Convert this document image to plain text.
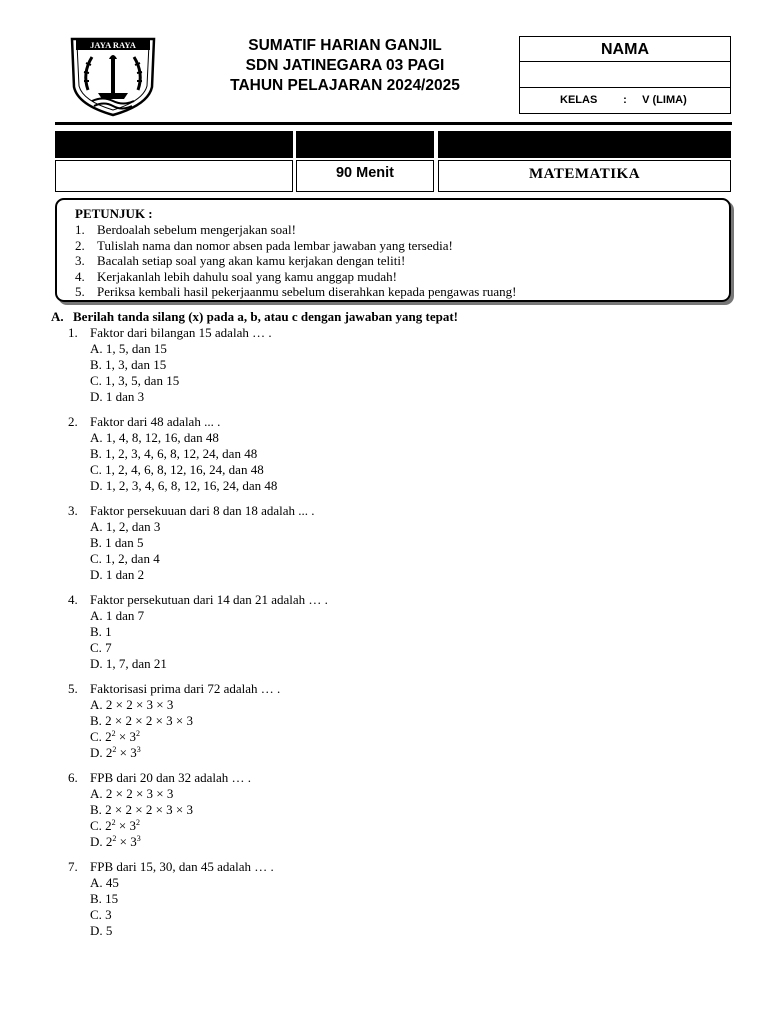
JAYA RAYA	SUMATIF HARIAN GANJIL
SDN JATINEGARA 03 PAGI
TAHUN PELAJARAN 2024/2025
NAMA
KELAS : V (LIMA)
90 Menit	MATEMATIKA
PETUNJUK :
1. Berdoalah sebelum mengerjakan soal!
2. Tulislah nama dan nomor absen pada lembar jawaban yang tersedia!
3. Bacalah setiap soal yang akan kamu kerjakan dengan teliti!
4. Kerjakanlah lebih dahulu soal yang kamu anggap mudah!
5. Periksa kembali hasil pekerjaanmu sebelum diserahkan kepada pengawas ruang!
A. Berilah tanda silang (x) pada a, b, atau c dengan jawaban yang tepat!
1. Faktor dari bilangan 15 adalah … .
A. 1, 5, dan 15
B. 1, 3, dan 15
C. 1, 3, 5, dan 15
D. 1 dan 3
2. Faktor dari 48 adalah ... .
A. 1, 4, 8, 12, 16, dan 48
B. 1, 2, 3, 4, 6, 8, 12, 24, dan 48
C. 1, 2, 4, 6, 8, 12, 16, 24, dan 48
D. 1, 2, 3, 4, 6, 8, 12, 16, 24, dan 48
3. Faktor persekuuan dari 8 dan 18 adalah ... .
A. 1, 2, dan 3
B. 1 dan 5
C. 1, 2, dan 4
D. 1 dan 2
4. Faktor persekutuan dari 14 dan 21 adalah … .
A. 1 dan 7
B. 1
C. 7
D. 1, 7, dan 21
5. Faktorisasi prima dari 72 adalah … .
A. 2 × 2 × 3 × 3
B. 2 × 2 × 2 × 3 × 3
C. $2^2 \times 3^2$
D. $2^2 \times 3^3$
6. FPB dari 20 dan 32 adalah … .
A. 2 × 2 × 3 × 3
B. 2 × 2 × 2 × 3 × 3
C. $2^2 \times 3^2$
D. $2^2 \times 3^3$
7. FPB dari 15, 30, dan 45 adalah … .
A. 45
B. 15
C. 3
D. 5
